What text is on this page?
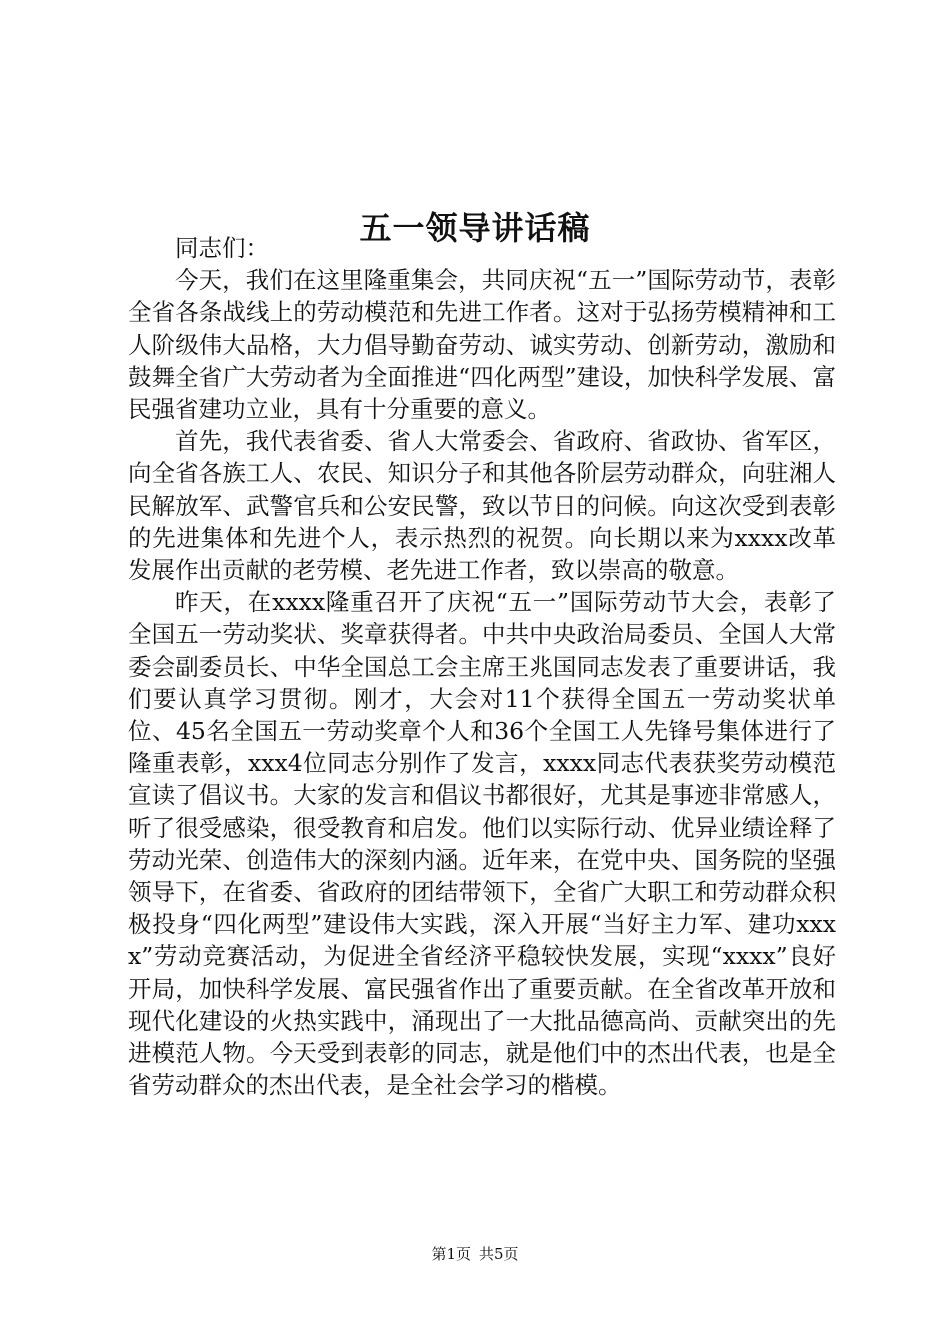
五一领导讲话稿

同志们：

今天，我们在这里隆重集会，共同庆祝“五一”国际劳动节，表彰全省各条战线上的劳动模范和先进工作者。这对于弘扬劳模精神和工人阶级伟大品格，大力倡导勤奋劳动、诚实劳动、创新劳动，激励和鼓舞全省广大劳动者为全面推进“四化两型”建设，加快科学发展、富民强省建功立业，具有十分重要的意义。

首先，我代表省委、省人大常委会、省政府、省政协、省军区，向全省各族工人、农民、知识分子和其他各阶层劳动群众，向驻湘人民解放军、武警官兵和公安民警，致以节日的问候。向这次受到表彰的先进集体和先进个人，表示热烈的祝贺。向长期以来为xxxx改革发展作出贡献的老劳模、老先进工作者，致以崇高的敬意。

昨天，在xxxx隆重召开了庆祝“五一”国际劳动节大会，表彰了全国五一劳动奖状、奖章获得者。中共中央政治局委员、全国人大常委会副委员长、中华全国总工会主席王兆国同志发表了重要讲话，我们要认真学习贯彻。刚才，大会对11个获得全国五一劳动奖状单位、45名全国五一劳动奖章个人和36个全国工人先锋号集体进行了隆重表彰，xxx4位同志分别作了发言，xxxx同志代表获奖劳动模范宣读了倡议书。大家的发言和倡议书都很好，尤其是事迹非常感人，听了很受感染，很受教育和启发。他们以实际行动、优异业绩诠释了劳动光荣、创造伟大的深刻内涵。近年来，在党中央、国务院的坚强领导下，在省委、省政府的团结带领下，全省广大职工和劳动群众积极投身“四化两型”建设伟大实践，深入开展“当好主力军、建功xxxx”劳动竞赛活动，为促进全省经济平稳较快发展，实现“xxxx”良好开局，加快科学发展、富民强省作出了重要贡献。在全省改革开放和现代化建设的火热实践中，涌现出了一大批品德高尚、贡献突出的先进模范人物。今天受到表彰的同志，就是他们中的杰出代表，也是全省劳动群众的杰出代表，是全社会学习的楷模。

第1页 共5页
